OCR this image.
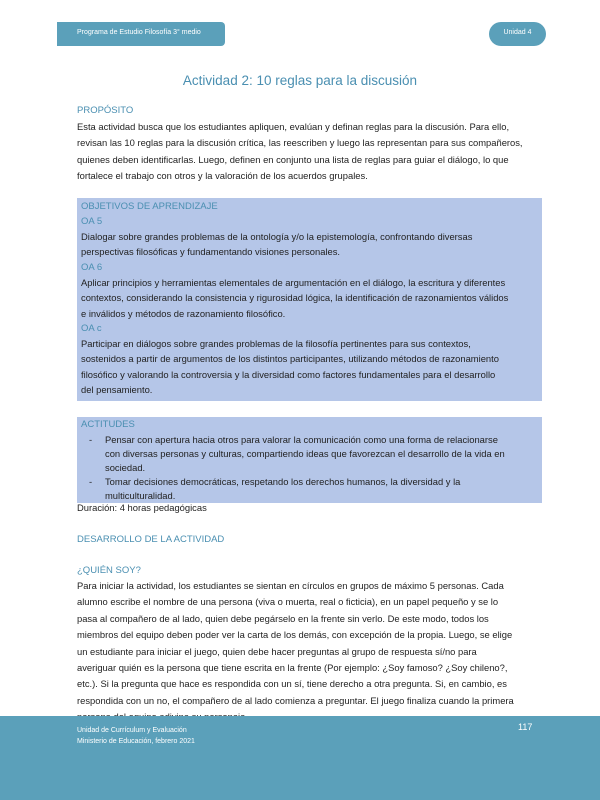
Programa de Estudio Filosofía 3° medio	Unidad 4
Actividad 2: 10 reglas para la discusión
PROPÓSITO
Esta actividad busca que los estudiantes apliquen, evalúan y definan reglas para la discusión. Para ello,
revisan las 10 reglas para la discusión crítica, las reescriben y luego las representan para sus compañeros,
quienes deben identificarlas. Luego, definen en conjunto una lista de reglas para guiar el diálogo, lo que
fortalece el trabajo con otros y la valoración de los acuerdos grupales.
OBJETIVOS DE APRENDIZAJE
OA 5
Dialogar sobre grandes problemas de la ontología y/o la epistemología, confrontando diversas
perspectivas filosóficas y fundamentando visiones personales.
OA 6
Aplicar principios y herramientas elementales de argumentación en el diálogo, la escritura y diferentes
contextos, considerando la consistencia y rigurosidad lógica, la identificación de razonamientos válidos
e inválidos y métodos de razonamiento filosófico.
OA c
Participar en diálogos sobre grandes problemas de la filosofía pertinentes para sus contextos,
sostenidos a partir de argumentos de los distintos participantes, utilizando métodos de razonamiento
filosófico y valorando la controversia y la diversidad como factores fundamentales para el desarrollo
del pensamiento.
ACTITUDES
- Pensar con apertura hacia otros para valorar la comunicación como una forma de relacionarse
con diversas personas y culturas, compartiendo ideas que favorezcan el desarrollo de la vida en
sociedad.
- Tomar decisiones democráticas, respetando los derechos humanos, la diversidad y la
multiculturalidad.
Duración: 4 horas pedagógicas
DESARROLLO DE LA ACTIVIDAD
¿QUIÉN SOY?
Para iniciar la actividad, los estudiantes se sientan en círculos en grupos de máximo 5 personas. Cada
alumno escribe el nombre de una persona (viva o muerta, real o ficticia), en un papel pequeño y se lo
pasa al compañero de al lado, quien debe pegárselo en la frente sin verlo. De este modo, todos los
miembros del equipo deben poder ver la carta de los demás, con excepción de la propia. Luego, se elige
un estudiante para iniciar el juego, quien debe hacer preguntas al grupo de respuesta sí/no para
averiguar quién es la persona que tiene escrita en la frente (Por ejemplo: ¿Soy famoso? ¿Soy chileno?,
etc.). Si la pregunta que hace es respondida con un sí, tiene derecho a otra pregunta. Si, en cambio, es
respondida con un no, el compañero de al lado comienza a preguntar. El juego finaliza cuando la primera
Unidad de Currículum y Evaluación
Ministerio de Educación, febrero 2021
117
